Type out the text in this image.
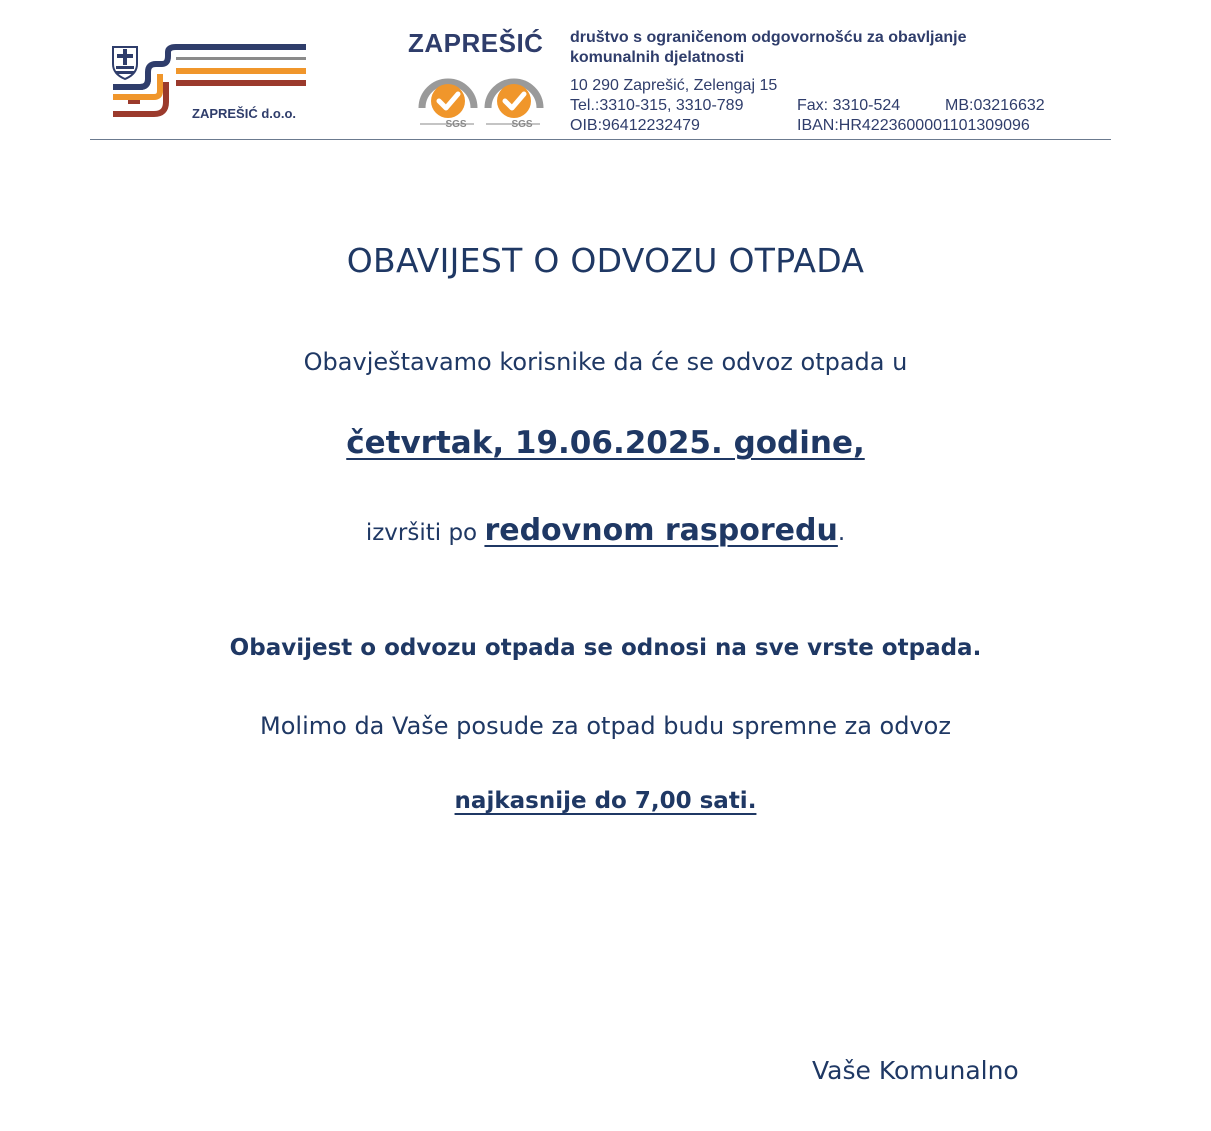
ZAPREŠIĆ d.o.o.
ZAPREŠIĆ
SGS	SGS
društvo s ograničenom odgovornošću za obavljanje
komunalnih djelatnosti
10 290 Zaprešić, Zelengaj 15
Tel.:3310-315, 3310-789	Fax: 3310-524	MB:03216632
OIB:96412232479	IBAN:HR4223600001101309096
OBAVIJEST O ODVOZU OTPADA
Obavještavamo korisnike da će se odvoz otpada u
četvrtak, 19.06.2025. godine,
izvršiti po redovnom rasporedu.
Obavijest o odvozu otpada se odnosi na sve vrste otpada.
Molimo da Vaše posude za otpad budu spremne za odvoz
najkasnije do 7,00 sati.
Vaše Komunalno
